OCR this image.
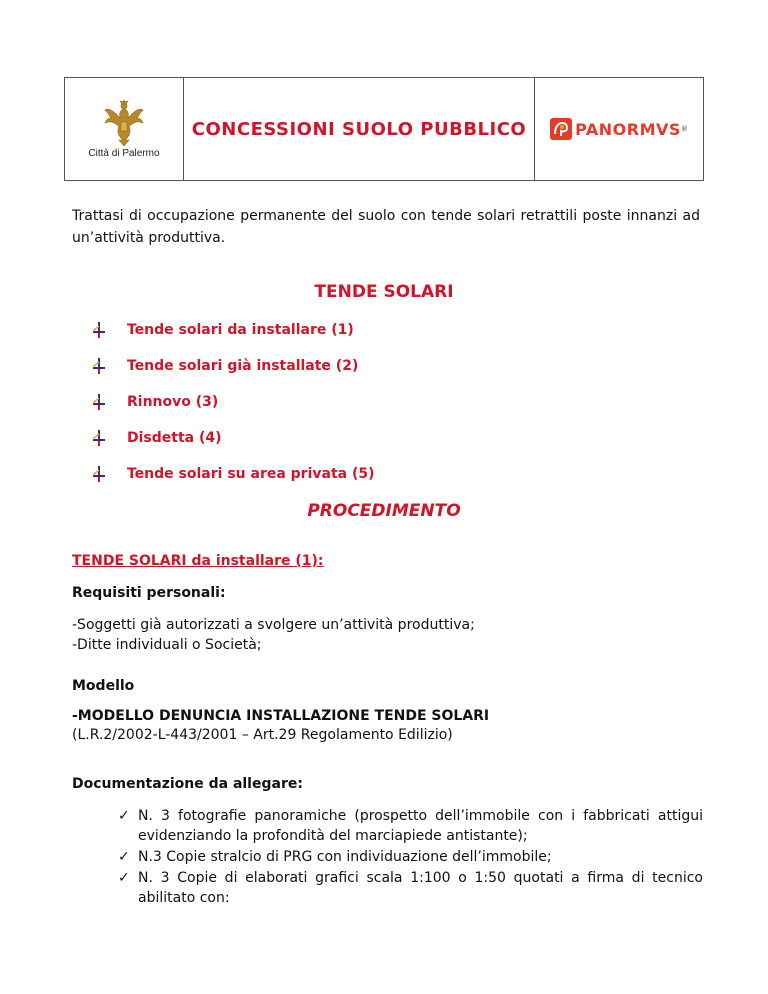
Città di Palermo
CONCESSIONI SUOLO PUBBLICO	PANORMVS ®
Trattasi di occupazione permanente del suolo con tende solari retrattili poste innanzi ad un’attività produttiva.
TENDE SOLARI
Tende solari da installare (1)
Tende solari già installate (2)
Rinnovo (3)
Disdetta (4)
Tende solari su area privata (5)
PROCEDIMENTO
TENDE SOLARI da installare (1):
Requisiti personali:
-Soggetti già autorizzati a svolgere un’attività produttiva;
-Ditte individuali o Società;
Modello
-MODELLO DENUNCIA INSTALLAZIONE TENDE SOLARI
(L.R.2/2002-L-443/2001 – Art.29 Regolamento Edilizio)
Documentazione da allegare:
✓ N. 3 fotografie panoramiche (prospetto dell’immobile con i fabbricati attigui evidenziando la profondità del marciapiede antistante);
✓ N.3 Copie stralcio di PRG con individuazione dell’immobile;
✓ N. 3 Copie di elaborati grafici scala 1:100 o 1:50 quotati a firma di tecnico abilitato con:
